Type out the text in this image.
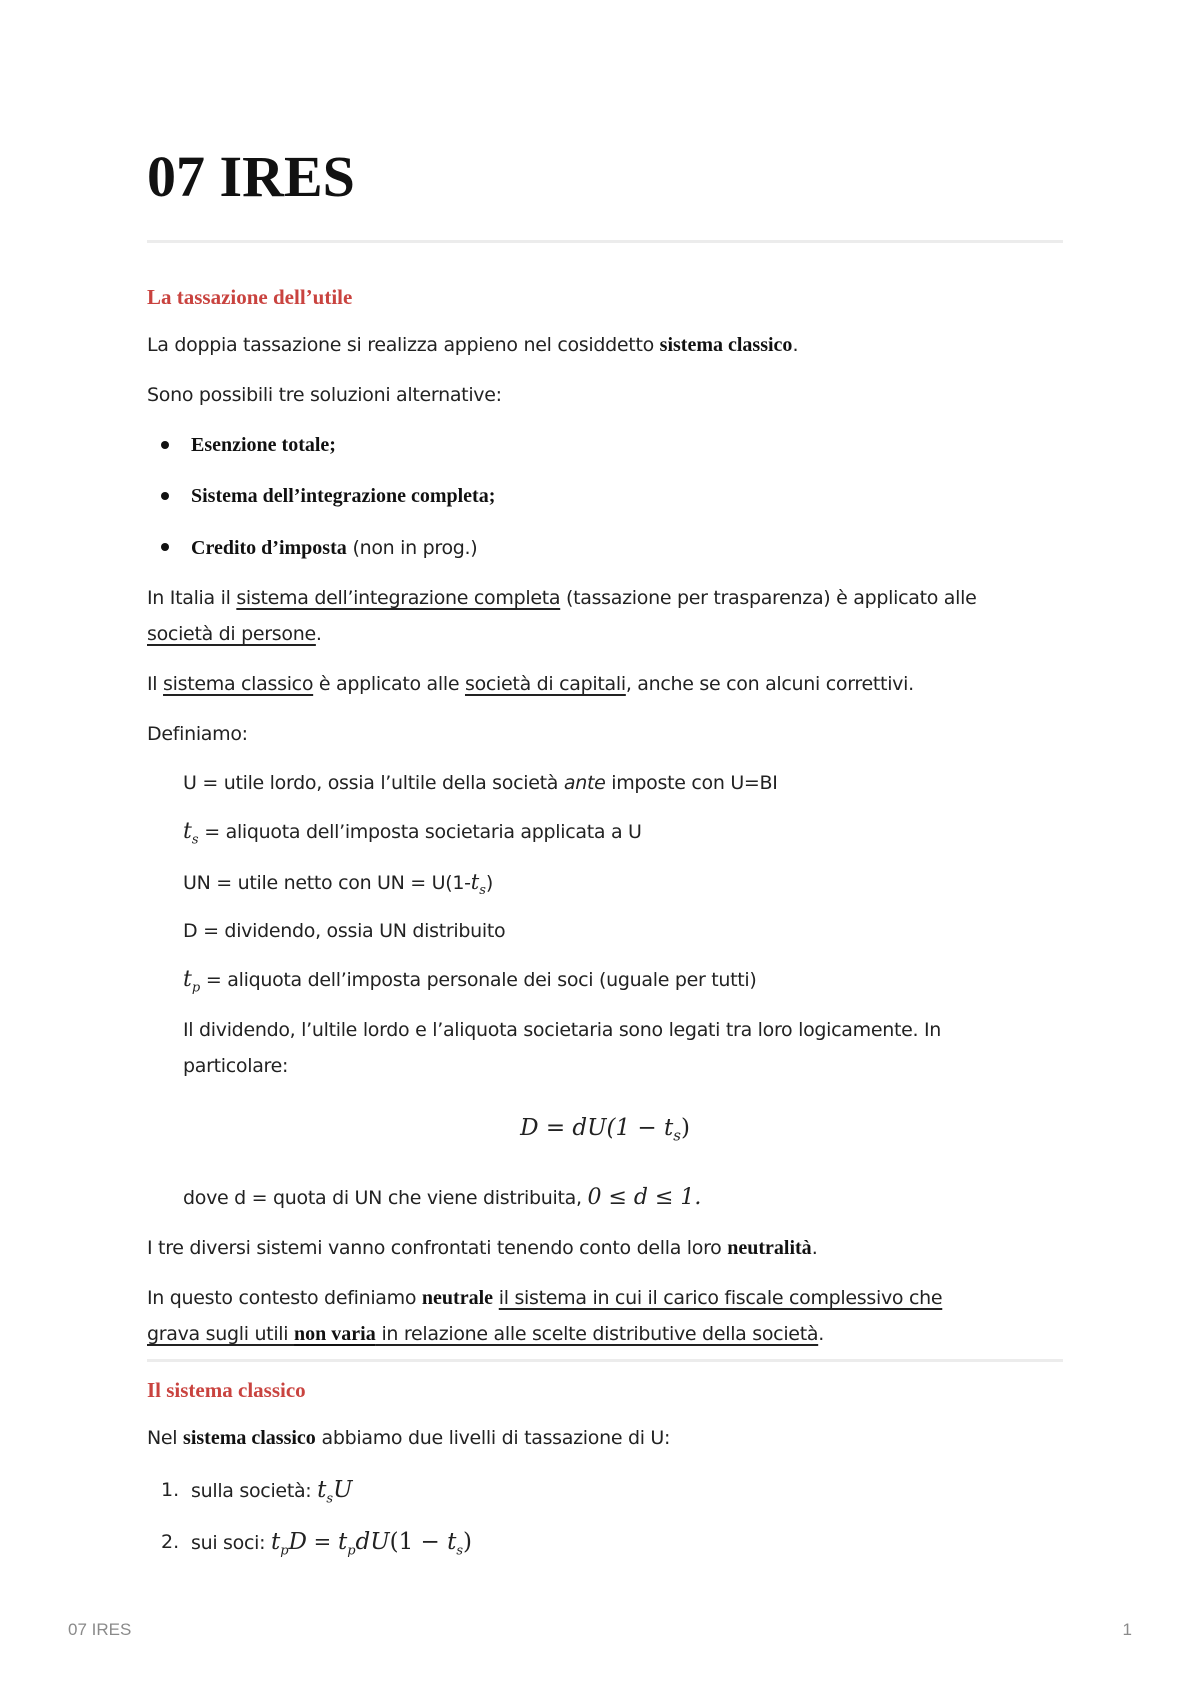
07 IRES
La tassazione dell’utile

La doppia tassazione si realizza appieno nel cosiddetto sistema classico.

Sono possibili tre soluzioni alternative:

Esenzione totale;

Sistema dell’integrazione completa;

Credito d’imposta (non in prog.)

In Italia il sistema dell’integrazione completa (tassazione per trasparenza) è applicato alle
società di persone.

Il sistema classico è applicato alle società di capitali, anche se con alcuni correttivi.

Definiamo:

U = utile lordo, ossia l’ultile della società ante imposte con U=BI

$t_s$ = aliquota dell’imposta societaria applicata a U

UN = utile netto con UN = $U(1-t_s)$

D = dividendo, ossia UN distribuito

$t_p$ = aliquota dell’imposta personale dei soci (uguale per tutti)

Il dividendo, l’ultile lordo e l’aliquota societaria sono legati tra loro logicamente. In
particolare:

$D = dU(1 - t_s)$

dove d = quota di UN che viene distribuita, 0 ≤ d ≤ 1.

I tre diversi sistemi vanno confrontati tenendo conto della loro neutralità.

In questo contesto definiamo neutrale il sistema in cui il carico fiscale complessivo che
grava sugli utili non varia in relazione alle scelte distributive della società.

Il sistema classico

Nel sistema classico abbiamo due livelli di tassazione di U:

1. sulla società: $t_sU$

2. sui soci: $t_pD = t_pdU(1 - t_s)$

07 IRES	1
